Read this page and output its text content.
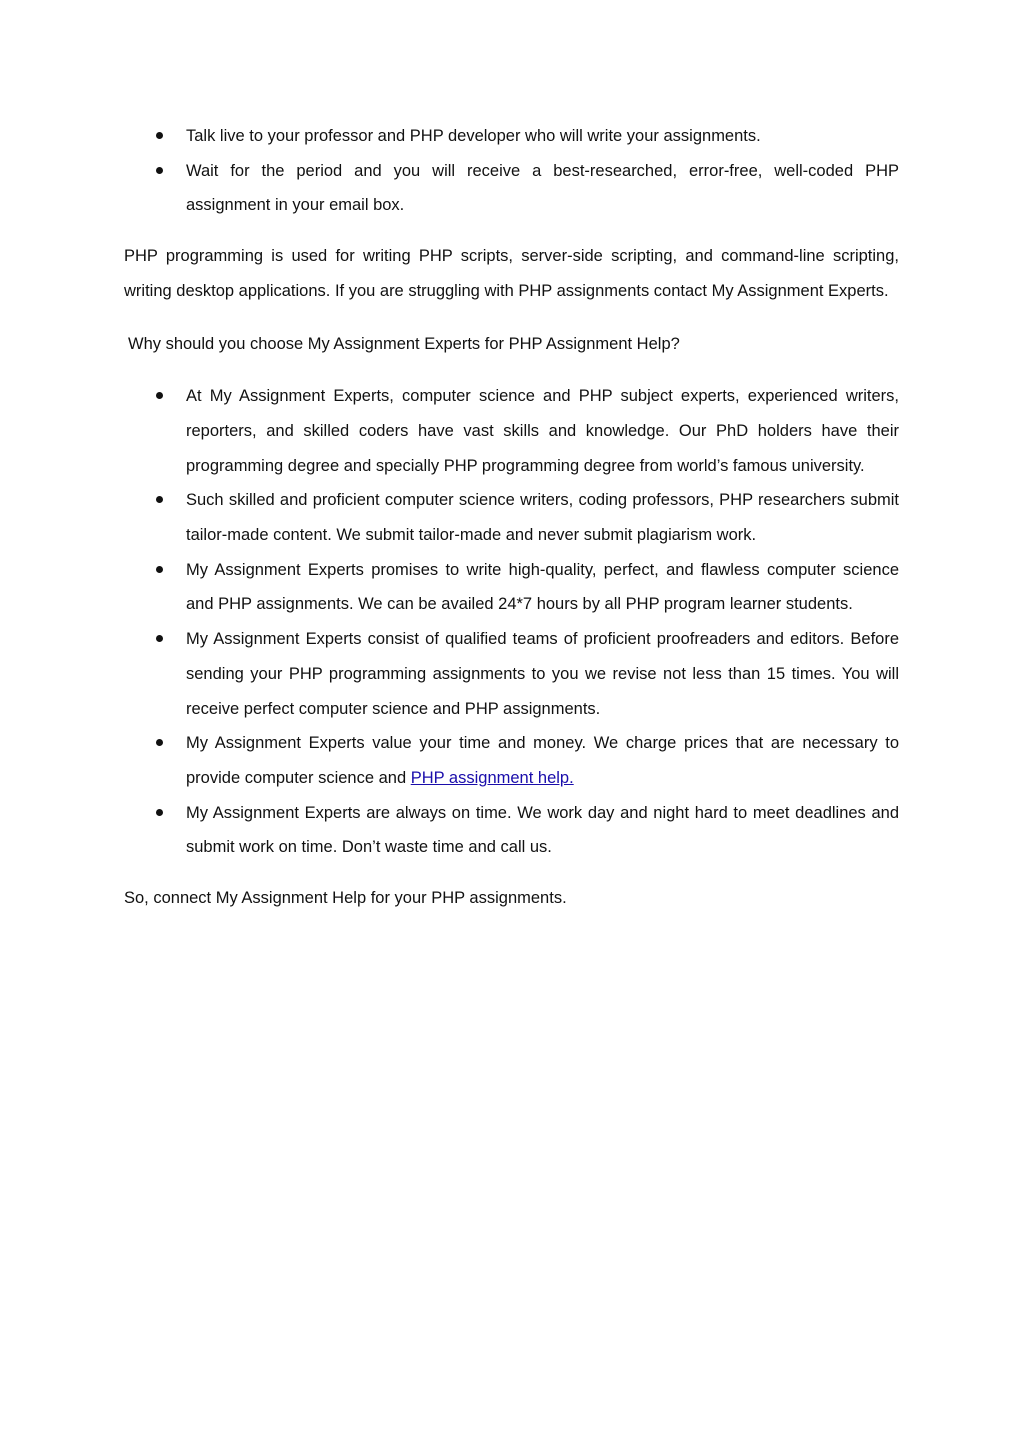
Talk live to your professor and PHP developer who will write your assignments.
Wait for the period and you will receive a best-researched, error-free, well-coded PHP assignment in your email box.

PHP programming is used for writing PHP scripts, server-side scripting, and command-line scripting, writing desktop applications. If you are struggling with PHP assignments contact My Assignment Experts.

Why should you choose My Assignment Experts for PHP Assignment Help?

At My Assignment Experts, computer science and PHP subject experts, experienced writers, reporters, and skilled coders have vast skills and knowledge. Our PhD holders have their programming degree and specially PHP programming degree from world’s famous university.
Such skilled and proficient computer science writers, coding professors, PHP researchers submit tailor-made content. We submit tailor-made and never submit plagiarism work.
My Assignment Experts promises to write high-quality, perfect, and flawless computer science and PHP assignments. We can be availed 24*7 hours by all PHP program learner students.
My Assignment Experts consist of qualified teams of proficient proofreaders and editors. Before sending your PHP programming assignments to you we revise not less than 15 times. You will receive perfect computer science and PHP assignments.
My Assignment Experts value your time and money. We charge prices that are necessary to provide computer science and PHP assignment help.
My Assignment Experts are always on time. We work day and night hard to meet deadlines and submit work on time. Don’t waste time and call us.

So, connect My Assignment Help for your PHP assignments.
